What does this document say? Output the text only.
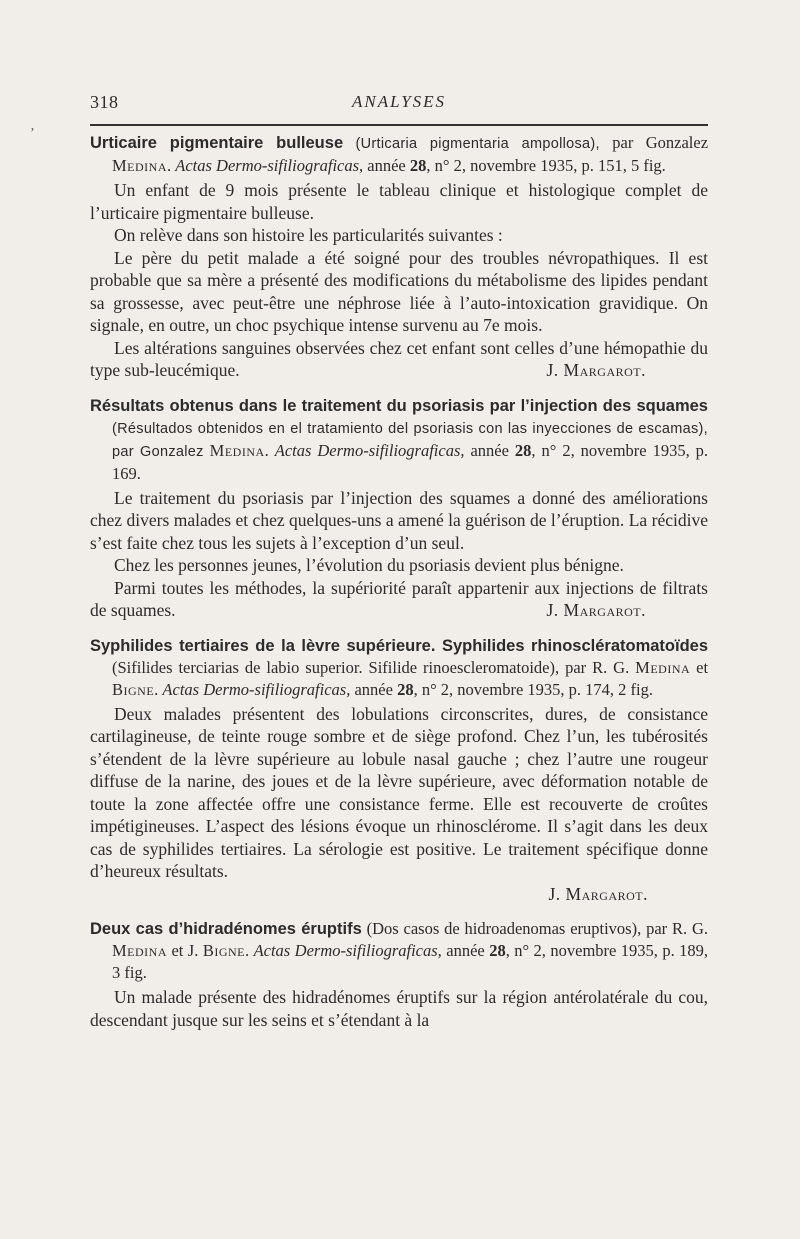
318	ANALYSES
’
Urticaire pigmentaire bulleuse (Urticaria pigmentaria ampollosa), par Gonzalez Medina. Actas Dermo-sifiliograficas, année 28, n° 2, novembre 1935, p. 151, 5 fig.

Un enfant de 9 mois présente le tableau clinique et histologique complet de l’urticaire pigmentaire bulleuse.

On relève dans son histoire les particularités suivantes :

Le père du petit malade a été soigné pour des troubles névropathiques. Il est probable que sa mère a présenté des modifications du métabolisme des lipides pendant sa grossesse, avec peut-être une néphrose liée à l’auto-intoxication gravidique. On signale, en outre, un choc psychique intense survenu au 7e mois.

Les altérations sanguines observées chez cet enfant sont celles d’une hémopathie du type sub-leucémique.	J. Margarot.

Résultats obtenus dans le traitement du psoriasis par l’injection des squames (Résultados obtenidos en el tratamiento del psoriasis con las inyecciones de escamas), par Gonzalez Medina. Actas Dermo-sifiliograficas, année 28, n° 2, novembre 1935, p. 169.

Le traitement du psoriasis par l’injection des squames a donné des améliorations chez divers malades et chez quelques-uns a amené la guérison de l’éruption. La récidive s’est faite chez tous les sujets à l’exception d’un seul.

Chez les personnes jeunes, l’évolution du psoriasis devient plus bénigne.

Parmi toutes les méthodes, la supériorité paraît appartenir aux injections de filtrats de squames.	J. Margarot.

Syphilides tertiaires de la lèvre supérieure. Syphilides rhinosclératomatoïdes (Sifilides terciarias de labio superior. Sifilide rinoescleromatoide), par R. G. Medina et Bigne. Actas Dermo-sifiliograficas, année 28, n° 2, novembre 1935, p. 174, 2 fig.

Deux malades présentent des lobulations circonscrites, dures, de consistance cartilagineuse, de teinte rouge sombre et de siège profond. Chez l’un, les tubérosités s’étendent de la lèvre supérieure au lobule nasal gauche ; chez l’autre une rougeur diffuse de la narine, des joues et de la lèvre supérieure, avec déformation notable de toute la zone affectée offre une consistance ferme. Elle est recouverte de croûtes impétigineuses. L’aspect des lésions évoque un rhinosclérome. Il s’agit dans les deux cas de syphilides tertiaires. La sérologie est positive. Le traitement spécifique donne d’heureux résultats.

J. Margarot.

Deux cas d’hidradénomes éruptifs (Dos casos de hidroadenomas eruptivos), par R. G. Medina et J. Bigne. Actas Dermo-sifiliograficas, année 28, n° 2, novembre 1935, p. 189, 3 fig.

Un malade présente des hidradénomes éruptifs sur la région antérolatérale du cou, descendant jusque sur les seins et s’étendant à la
